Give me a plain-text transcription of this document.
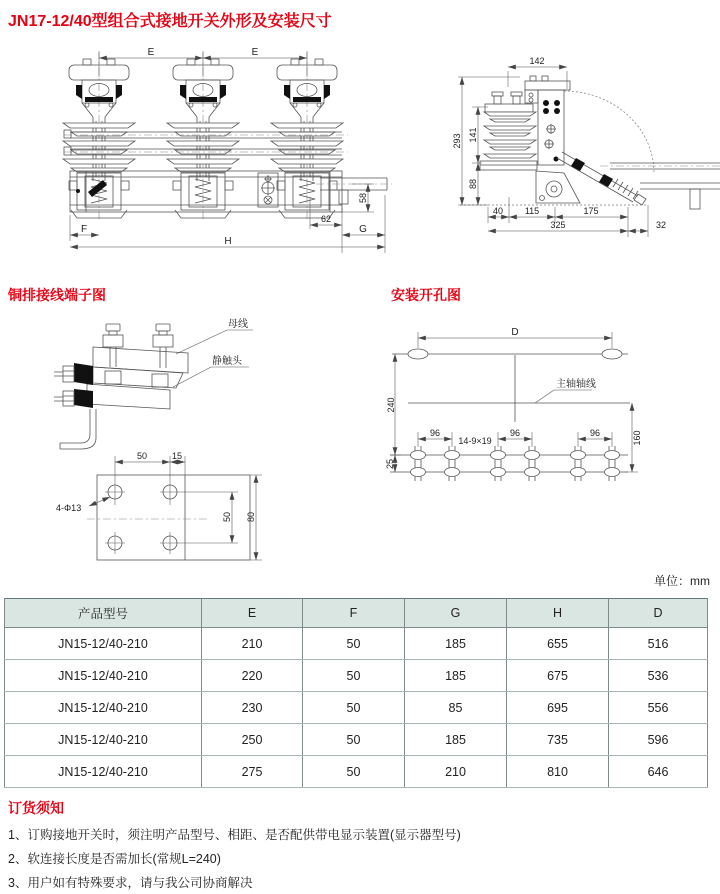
JN17-12/40型组合式接地开关外形及安装尺寸
E	E
F
62
G
H
58
142
293 141
88
40 115	175
325	32
铜排接线端子图
母线
静触头
50	15
50 80
4-Φ13
安装开孔图
D
240
160
96	96	96
14-9×19
25
主轴轴线
单位：mm
产品型号	E	F	G	H	D
JN15-12/40-210	210	50	185	655	516
JN15-12/40-210	220	50	185	675	536
JN15-12/40-210	230	50	85	695	556
JN15-12/40-210	250	50	185	735	596
JN15-12/40-210	275	50	210	810	646
订货须知
1、订购接地开关时，须注明产品型号、相距、是否配供带电显示装置(显示器型号)
2、软连接长度是否需加长(常规L=240)
3、用户如有特殊要求，请与我公司协商解决
